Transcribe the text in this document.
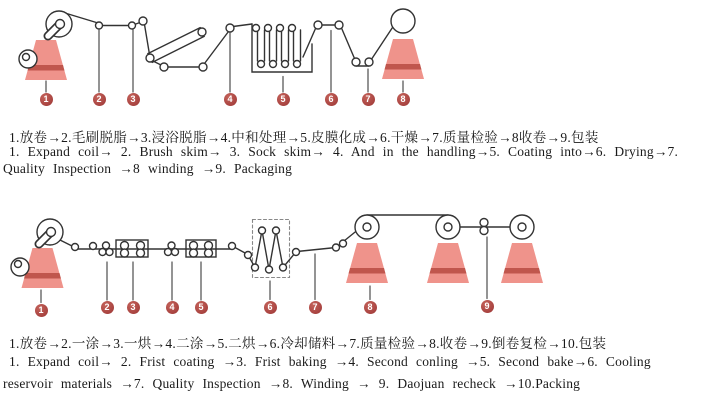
1	2	3	4	5	6	7	8
1	2	3	4	5	6	7	8	9
1.放卷→2.毛刷脱脂→3.浸浴脱脂→4.中和处理→5.皮膜化成→6.干燥→7.质量检验→8收卷→9.包装
1. Expand coil→ 2. Brush skim→ 3. Sock skim→ 4. And in the handling→5. Coating into→6. Drying→7.
Quality Inspection →8 winding →9. Packaging
1.放卷→2.一涂→3.一烘→4.二涂→5.二烘→6.冷却储料→7.质量检验→8.收卷→9.倒卷复检→10.包装
1. Expand coil→ 2. Frist coating →3. Frist baking →4. Second conling →5. Second bake→6. Cooling
reservoir materials →7. Quality Inspection →8. Winding → 9. Daojuan recheck →10.Packing
